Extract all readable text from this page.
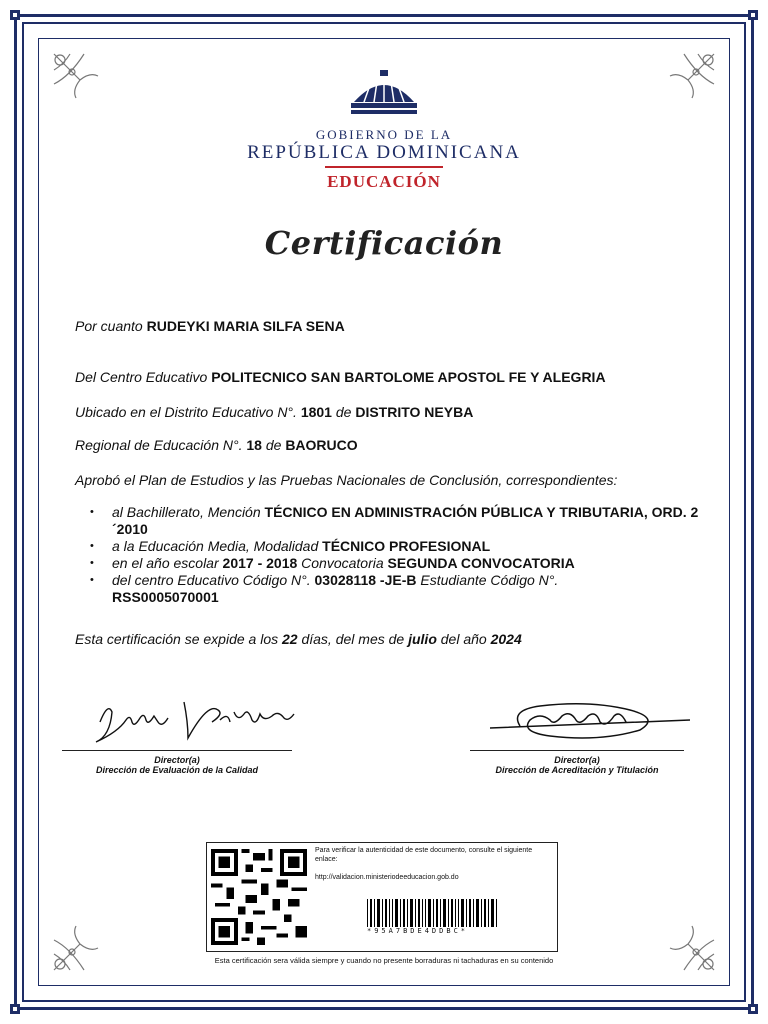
GOBIERNO DE LA
REPÚBLICA DOMINICANA
EDUCACIÓN
Certificación
Por cuanto RUDEYKI MARIA SILFA SENA
Del Centro Educativo POLITECNICO SAN BARTOLOME APOSTOL FE Y ALEGRIA
Ubicado en el Distrito Educativo N°. 1801 de DISTRITO NEYBA
Regional de Educación N°. 18 de BAORUCO
Aprobó el Plan de Estudios y las Pruebas Nacionales de Conclusión, correspondientes:
• al Bachillerato, Mención TÉCNICO EN ADMINISTRACIÓN PÚBLICA Y TRIBUTARIA, ORD. 2´2010
• a la Educación Media, Modalidad TÉCNICO PROFESIONAL
• en el año escolar 2017 - 2018 Convocatoria SEGUNDA CONVOCATORIA
• del centro Educativo Código N°. 03028118 -JE-B Estudiante Código N°.
RSS0005070001
Esta certificación se expide a los 22 días, del mes de julio del año 2024
Director(a)
Dirección de Evaluación de la Calidad
Director(a)
Dirección de Acreditación y Titulación
Para verificar la autenticidad de este documento, consulte el siguiente enlace:
http://validacion.ministeriodeeducacion.gob.do
*95A7BDE4DDBC*
Esta certificación sera válida siempre y cuando no presente borraduras ni tachaduras en su contenido
